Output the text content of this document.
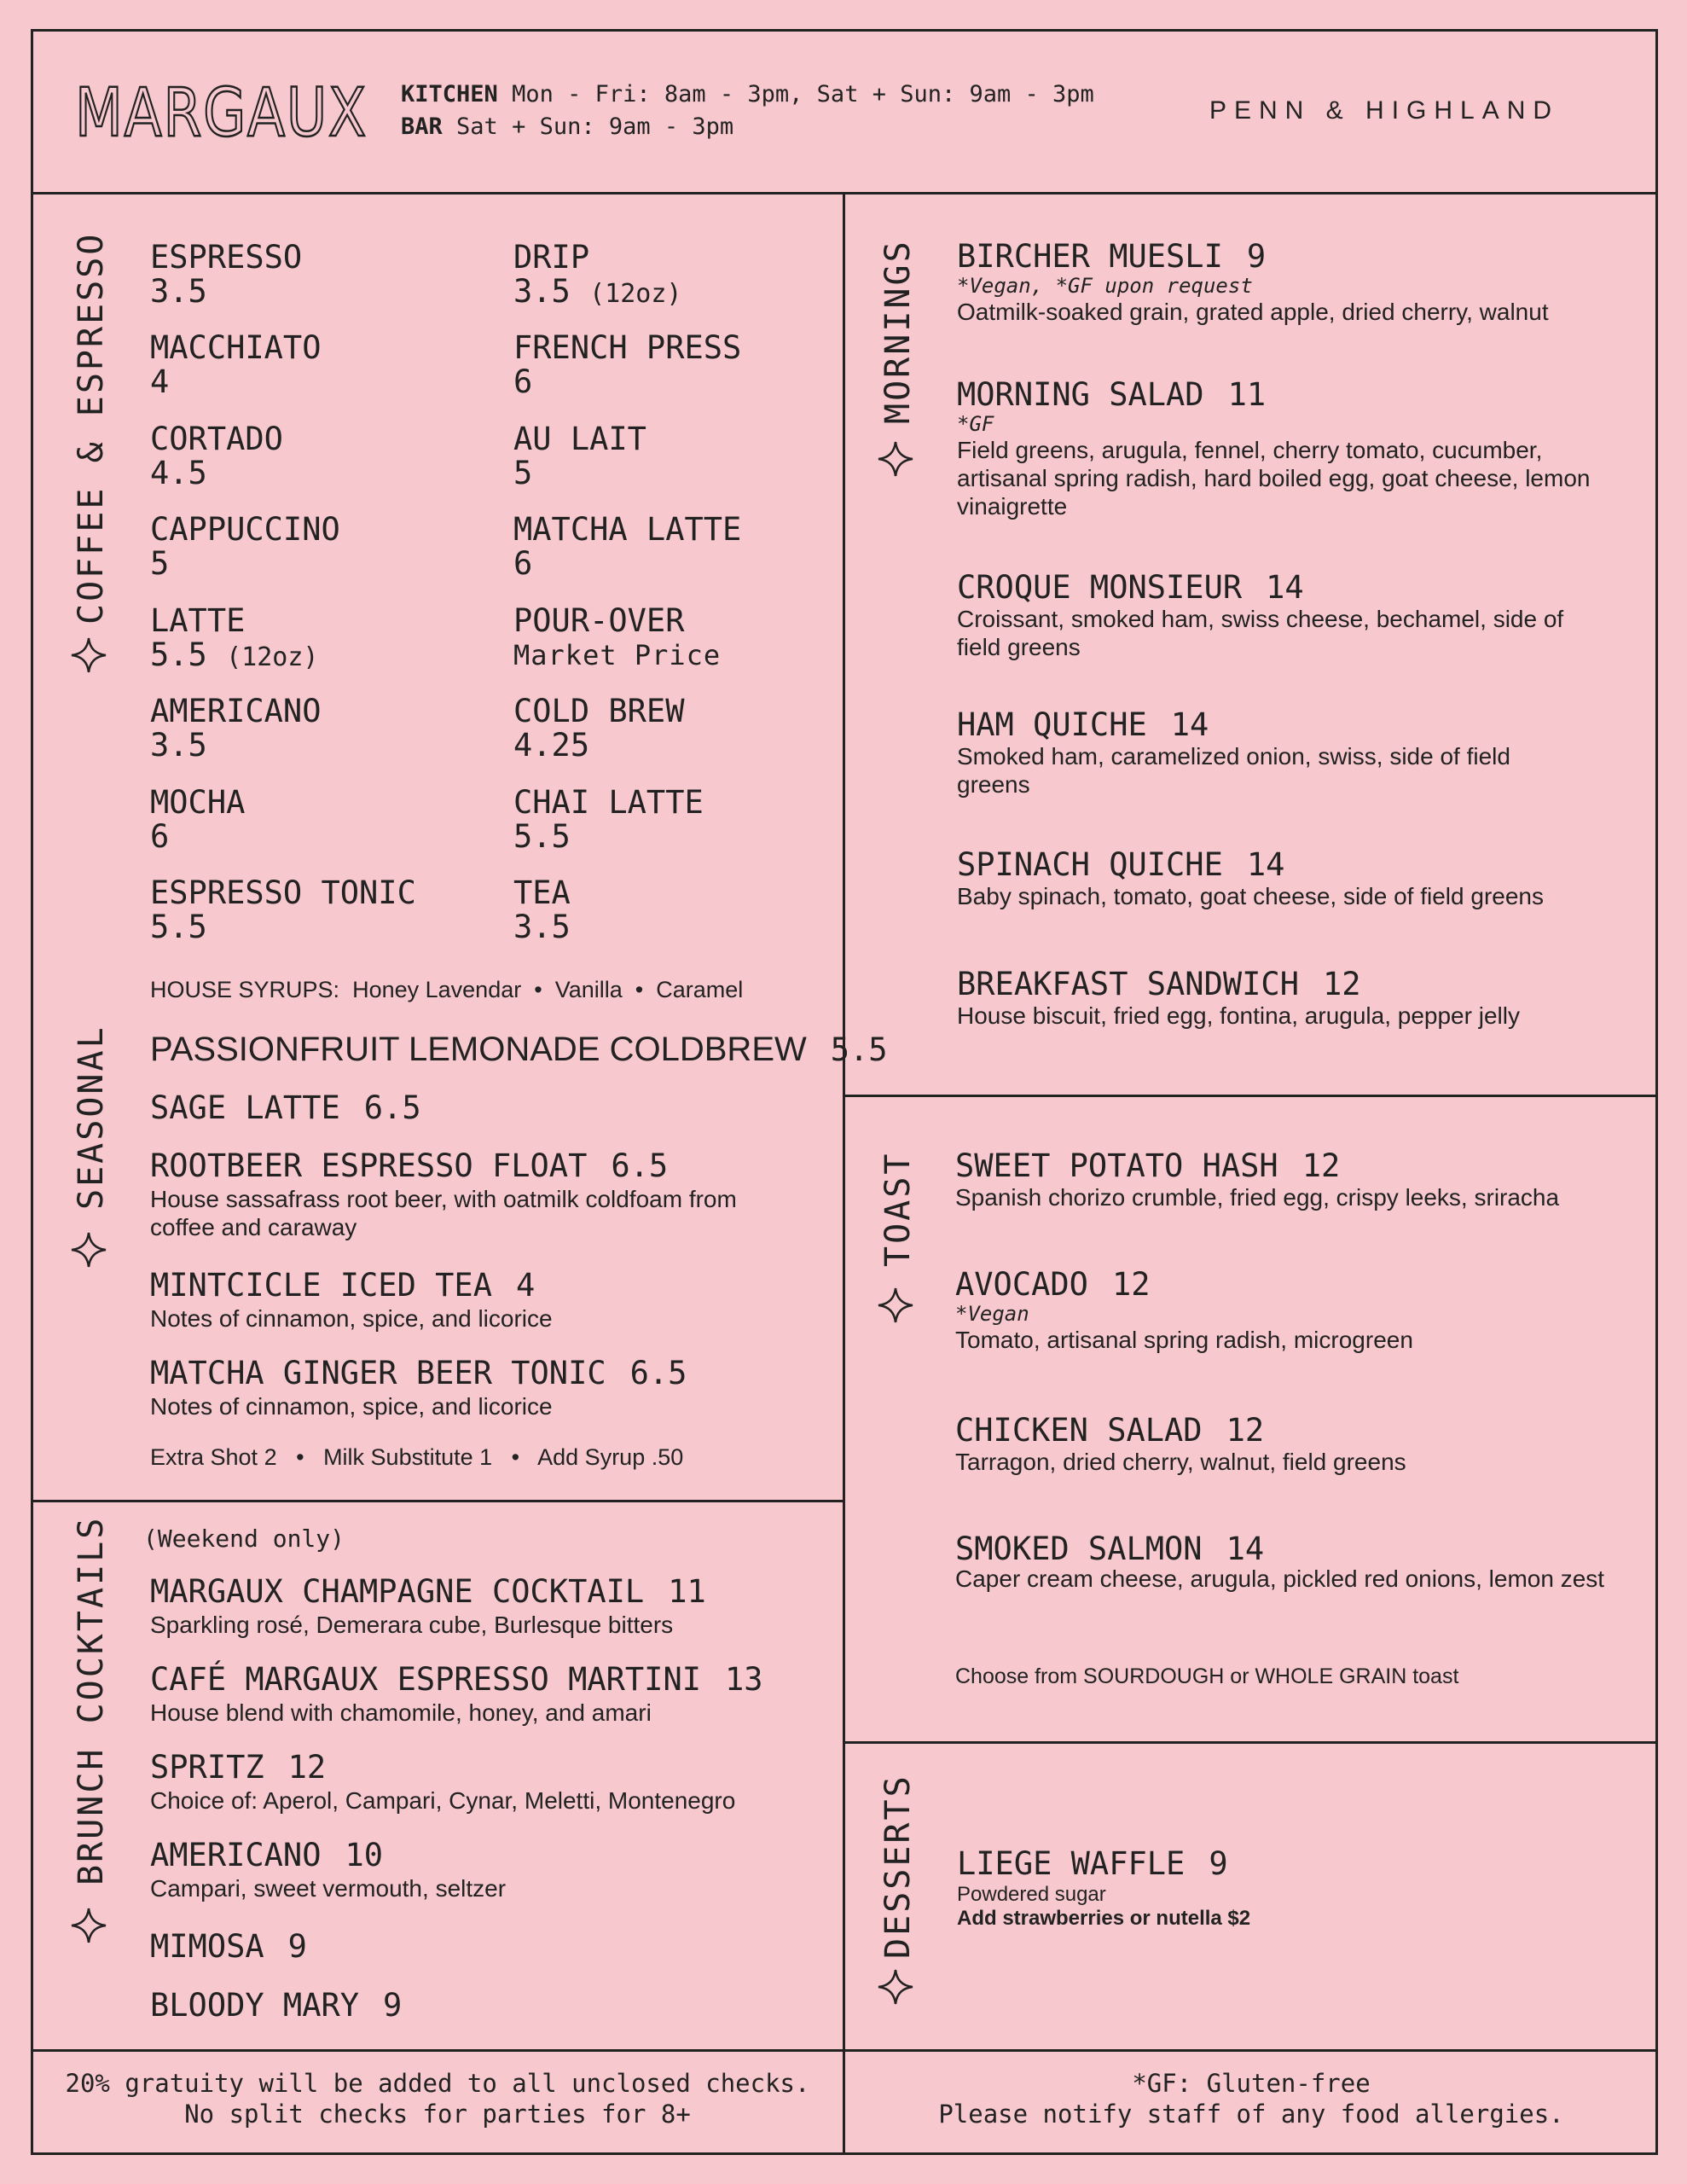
MARGAUX KITCHEN Mon - Fri: 8am - 3pm, Sat + Sun: 9am - 3pm
BAR Sat + Sun: 9am - 3pm
PENN & HIGHLAND
COFFEE & ESPRESSO
SEASONAL
BRUNCH COCKTAILS
MORNINGS
TOAST
DESSERTS
ESPRESSO
3.5
MACCHIATO
4
CORTADO
4.5
CAPPUCCINO
5
LATTE
5.5 (12oz)
AMERICANO
3.5
MOCHA
6
ESPRESSO TONIC
5.5
DRIP
3.5 (12oz)
FRENCH PRESS
6
AU LAIT
5
MATCHA LATTE
6
POUR-OVER
Market Price
COLD BREW
4.25
CHAI LATTE
5.5
TEA
3.5
HOUSE SYRUPS: Honey Lavendar  •  Vanilla  •  Caramel
PASSIONFRUIT LEMONADE COLDBREW 5.5
SAGE LATTE 6.5
ROOTBEER ESPRESSO FLOAT 6.5
House sassafrass root beer, with oatmilk coldfoam from coffee and caraway
MINTCICLE ICED TEA 4
Notes of cinnamon, spice, and licorice
MATCHA GINGER BEER TONIC 6.5
Notes of cinnamon, spice, and licorice
Extra Shot 2   •   Milk Substitute 1   •   Add Syrup .50
(Weekend only)
MARGAUX CHAMPAGNE COCKTAIL 11
Sparkling rosé, Demerara cube, Burlesque bitters
CAFÉ MARGAUX ESPRESSO MARTINI 13
House blend with chamomile, honey, and amari
SPRITZ 12
Choice of: Aperol, Campari, Cynar, Meletti, Montenegro
AMERICANO 10
Campari, sweet vermouth, seltzer
MIMOSA 9
BLOODY MARY 9
BIRCHER MUESLI 9
*Vegan, *GF upon request
Oatmilk-soaked grain, grated apple, dried cherry, walnut
MORNING SALAD 11
*GF
Field greens, arugula, fennel, cherry tomato, cucumber, artisanal spring radish, hard boiled egg, goat cheese, lemon vinaigrette
CROQUE MONSIEUR 14
Croissant, smoked ham, swiss cheese, bechamel, side of field greens
HAM QUICHE 14
Smoked ham, caramelized onion, swiss, side of field greens
SPINACH QUICHE 14
Baby spinach, tomato, goat cheese, side of field greens
BREAKFAST SANDWICH 12
House biscuit, fried egg, fontina, arugula, pepper jelly
SWEET POTATO HASH 12
Spanish chorizo crumble, fried egg, crispy leeks, sriracha
AVOCADO 12
*Vegan
Tomato, artisanal spring radish, microgreen
CHICKEN SALAD 12
Tarragon, dried cherry, walnut, field greens
SMOKED SALMON 14
Caper cream cheese, arugula, pickled red onions, lemon zest
Choose from SOURDOUGH or WHOLE GRAIN toast
LIEGE WAFFLE 9
Powdered sugar
Add strawberries or nutella $2
20% gratuity will be added to all unclosed checks.
No split checks for parties for 8+
*GF: Gluten-free
Please notify staff of any food allergies.
